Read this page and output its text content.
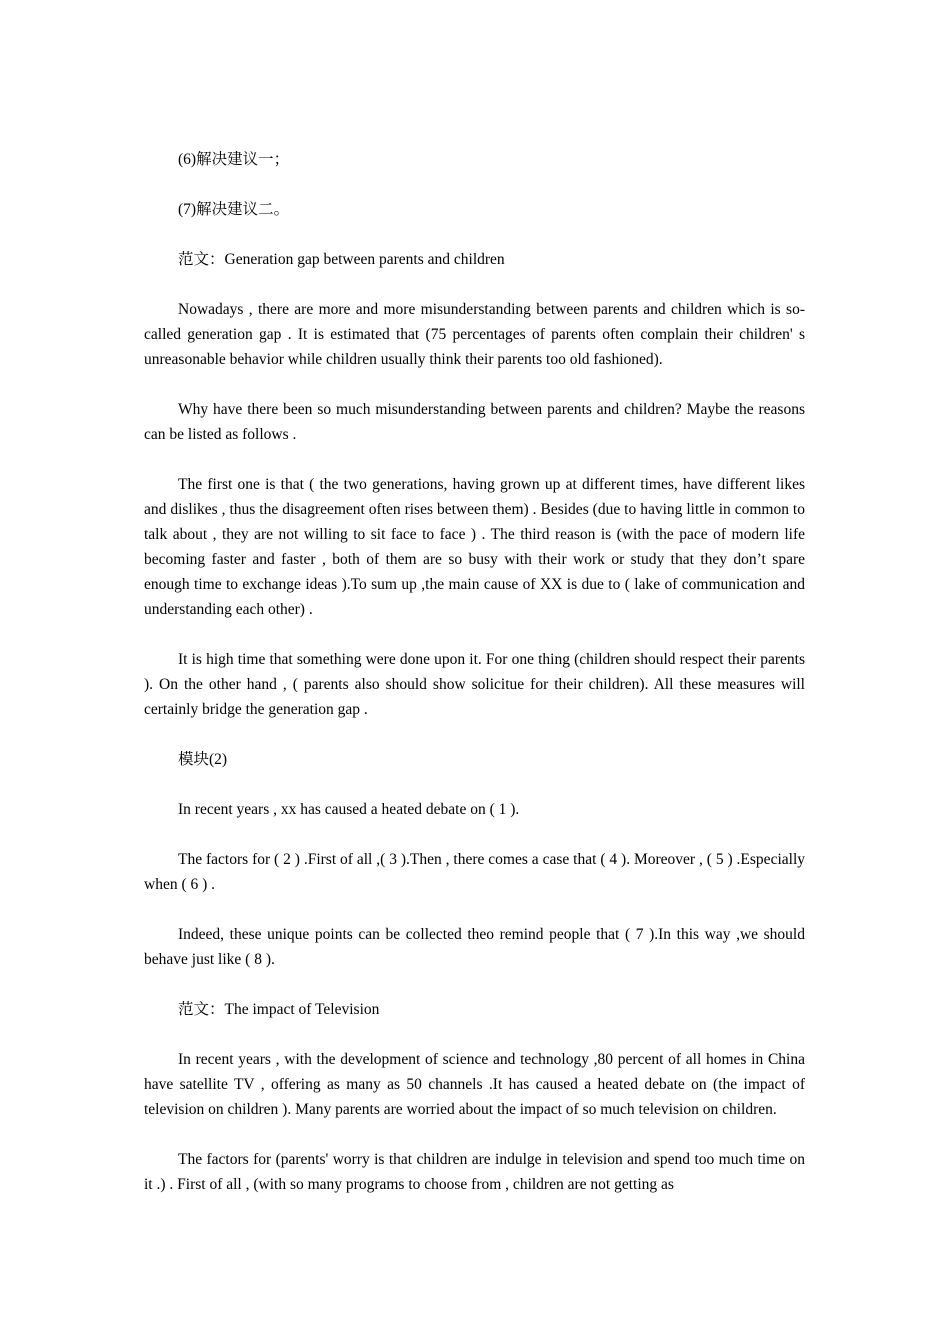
(6)解决建议一；

(7)解决建议二。

范文：Generation gap between parents and children

Nowadays , there are more and more misunderstanding between parents and children which is so- called generation gap . It is estimated that (75 percentages of parents often complain their children' s unreasonable behavior while children usually think their parents too old fashioned).

Why have there been so much misunderstanding between parents and children? Maybe the reasons can be listed as follows .

The first one is that ( the two generations, having grown up at different times, have different likes and dislikes , thus the disagreement often rises between them) . Besides (due to having little in common to talk about , they are not willing to sit face to face ) . The third reason is (with the pace of modern life becoming faster and faster , both of them are so busy with their work or study that they don’t spare enough time to exchange ideas ).To sum up ,the main cause of XX is due to ( lake of communication and understanding each other) .

It is high time that something were done upon it. For one thing (children should respect their parents ). On the other hand , ( parents also should show solicitue for their children). All these measures will certainly bridge the generation gap .

模块(2)

In recent years , xx has caused a heated debate on ( 1 ).

The factors for ( 2 ) .First of all ,( 3 ).Then , there comes a case that ( 4 ). Moreover , ( 5 ) .Especially when ( 6 ) .

Indeed, these unique points can be collected theo remind people that ( 7 ).In this way ,we should behave just like ( 8 ).

范文：The impact of Television

In recent years , with the development of science and technology ,80 percent of all homes in China have satellite TV , offering as many as 50 channels .It has caused a heated debate on (the impact of television on children ). Many parents are worried about the impact of so much television on children.

The factors for (parents' worry is that children are indulge in television and spend too much time on it .) . First of all , (with so many programs to choose from , children are not getting as
